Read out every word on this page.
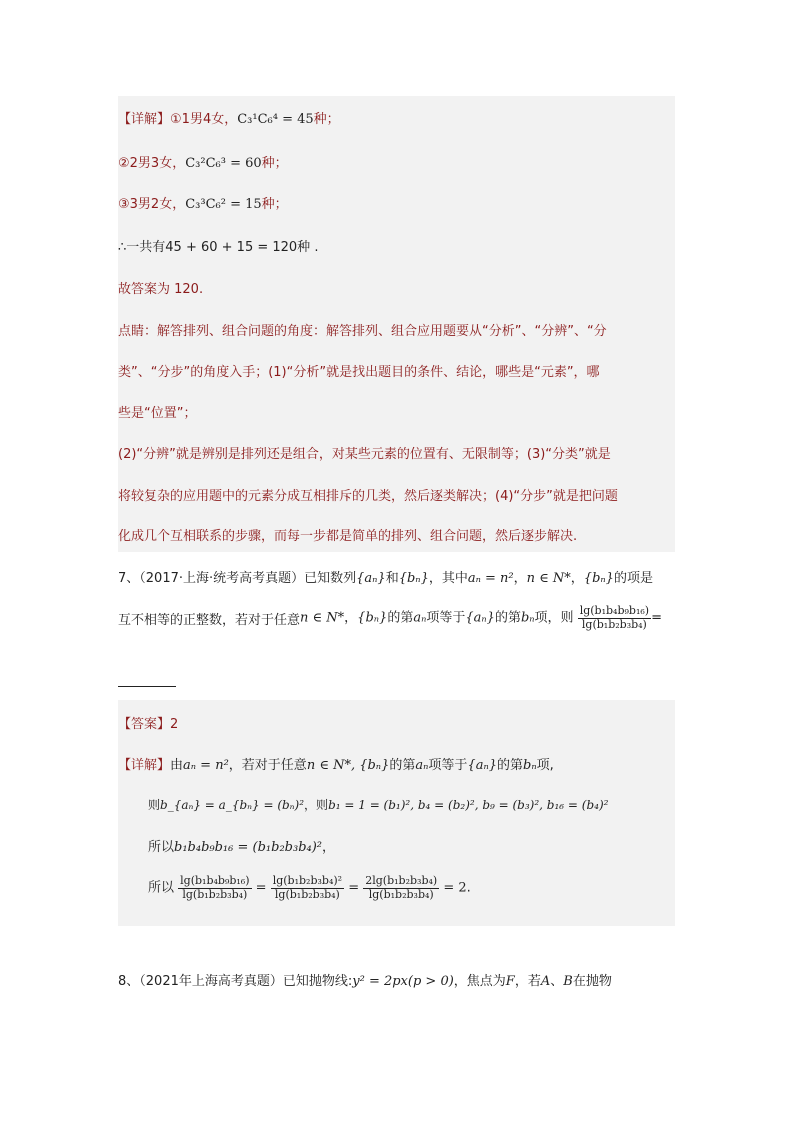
【详解】①1男4女，C₃¹C₆⁴ = 45种；
②2男3女，C₃²C₆³ = 60种；
③3男2女，C₃³C₆² = 15种；
∴一共有45 + 60 + 15 = 120种 .
故答案为 120.
点睛：解答排列、组合问题的角度：解答排列、组合应用题要从“分析”、“分辨”、“分
类”、“分步”的角度入手；(1)“分析”就是找出题目的条件、结论，哪些是“元素”，哪
些是“位置”；
(2)“分辨”就是辨别是排列还是组合，对某些元素的位置有、无限制等；(3)“分类”就是
将较复杂的应用题中的元素分成互相排斥的几类，然后逐类解决；(4)“分步”就是把问题
化成几个互相联系的步骤，而每一步都是简单的排列、组合问题，然后逐步解决.
7、（2017·上海·统考高考真题）已知数列{aₙ}和{bₙ}，其中aₙ = n²，n ∈ N*，{bₙ}的项是
互不相等的正整数，若对于任意n ∈ N*，{bₙ}的第aₙ项等于{aₙ}的第bₙ项，则 $\frac{\text{lg(b₁b₄b₉b₁₆)}}{\text{lg(b₁b₂b₃b₄)}}$ =
【答案】2
【详解】由aₙ = n²，若对于任意n ∈ N*, {bₙ}的第aₙ项等于{aₙ}的第bₙ项,
则b_{aₙ} = a_{bₙ} = (bₙ)²，则b₁ = 1 = (b₁)², b₄ = (b₂)², b₉ = (b₃)², b₁₆ = (b₄)²
所以b₁b₄b₉b₁₆ = (b₁b₂b₃b₄)²，
所以 $\frac{\text{lg(b₁b₄b₉b₁₆)}}{\text{lg(b₁b₂b₃b₄)}} = \frac{\text{lg(b₁b₂b₃b₄)²}}{\text{lg(b₁b₂b₃b₄)}} = \frac{\text{2lg(b₁b₂b₃b₄)}}{\text{lg(b₁b₂b₃b₄)}} = 2$.
8、（2021年上海高考真题）已知抛物线:y² = 2px(p > 0)，焦点为F，若A、B在抛物
